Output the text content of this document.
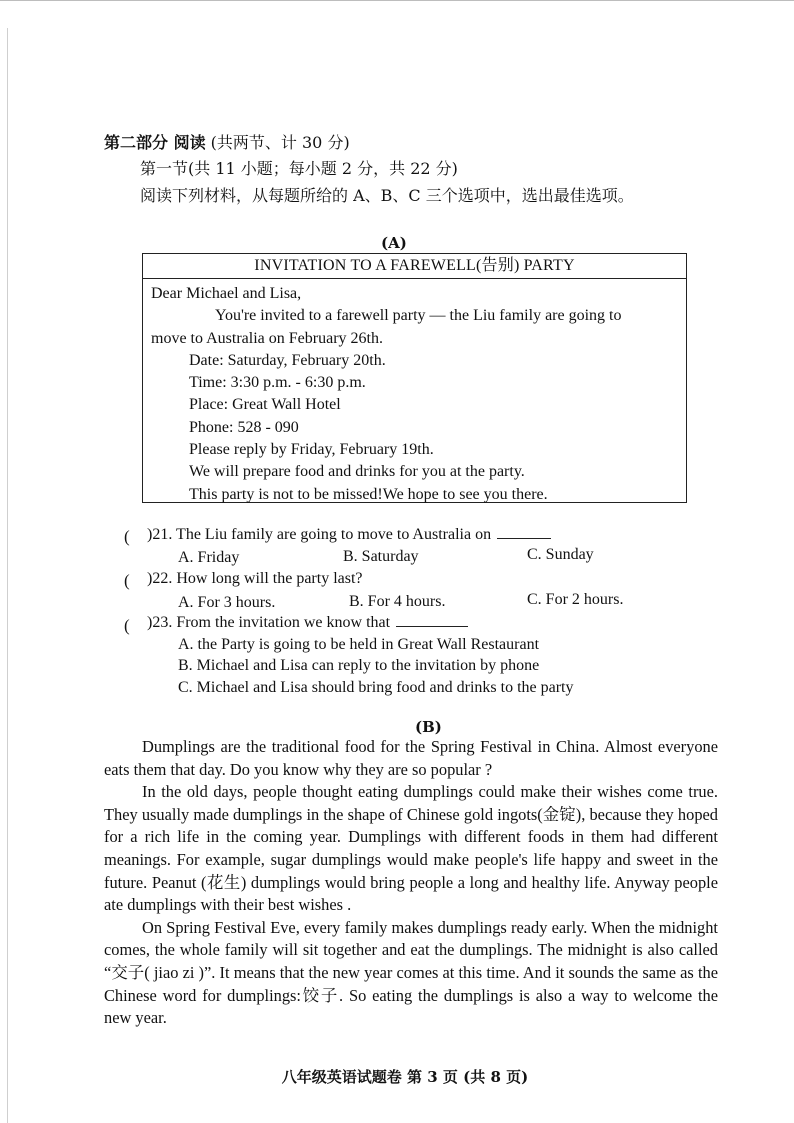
第二部分 阅读 (共两节、计 30 分)
第一节(共 11 小题；每小题 2 分，共 22 分)
阅读下列材料，从每题所给的 A、B、C 三个选项中，选出最佳选项。
(A)
INVITATION TO A FAREWELL(告别) PARTY
Dear Michael and Lisa,
You're invited to a farewell party — the Liu family are going to
move to Australia on February 26th.
Date: Saturday, February 20th.
Time: 3:30 p.m. - 6:30 p.m.
Place: Great Wall Hotel
Phone: 528 - 090
Please reply by Friday, February 19th.
We will prepare food and drinks for you at the party.
This party is not to be missed!We hope to see you there.
( )21. The Liu family are going to move to Australia on
A. Friday	B. Saturday	C. Sunday
( )22. How long will the party last?
A. For 3 hours.	B. For 4 hours.	C. For 2 hours.
( )23. From the invitation we know that
A. the Party is going to be held in Great Wall Restaurant
B. Michael and Lisa can reply to the invitation by phone
C. Michael and Lisa should bring food and drinks to the party
(B)

Dumplings are the traditional food for the Spring Festival in China. Almost everyone eats them that day. Do you know why they are so popular ?

In the old days, people thought eating dumplings could make their wishes come true. They usually made dumplings in the shape of Chinese gold ingots(金锭), because they hoped for a rich life in the coming year. Dumplings with different foods in them had different meanings. For example, sugar dumplings would make people's life happy and sweet in the future. Peanut (花生) dumplings would bring people a long and healthy life. Anyway people ate dumplings with their best wishes .

On Spring Festival Eve, every family makes dumplings ready early. When the midnight comes, the whole family will sit together and eat the dumplings. The midnight is also called “交子( jiao zi )”. It means that the new year comes at this time. And it sounds the same as the Chinese word for dumplings:饺子. So eating the dumplings is also a way to welcome the new year.

八年级英语试题卷 第 3 页 (共 8 页)
